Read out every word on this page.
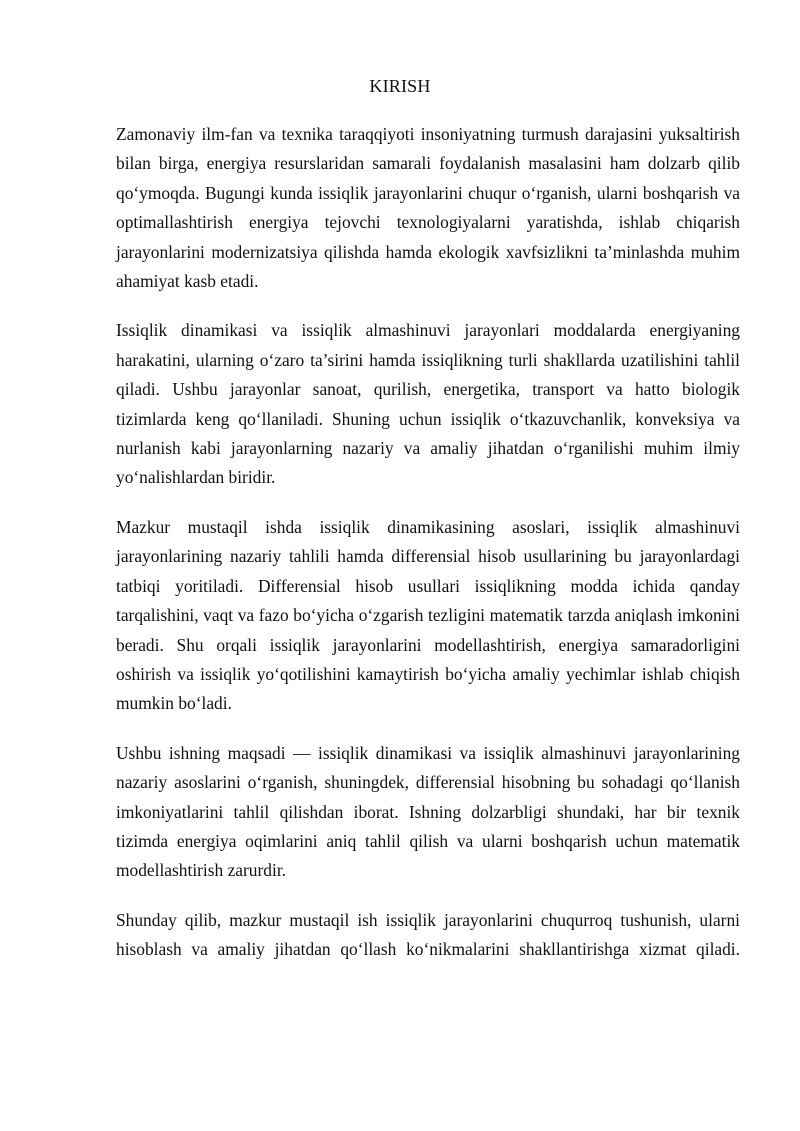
KIRISH

Zamonaviy ilm-fan va texnika taraqqiyoti insoniyatning turmush darajasini yuksaltirish bilan birga, energiya resurslaridan samarali foydalanish masalasini ham dolzarb qilib qo‘ymoqda. Bugungi kunda issiqlik jarayonlarini chuqur o‘rganish, ularni boshqarish va optimallashtirish energiya tejovchi texnologiyalarni yaratishda, ishlab chiqarish jarayonlarini modernizatsiya qilishda hamda ekologik xavfsizlikni ta’minlashda muhim ahamiyat kasb etadi.

Issiqlik dinamikasi va issiqlik almashinuvi jarayonlari moddalarda energiyaning harakatini, ularning o‘zaro ta’sirini hamda issiqlikning turli shakllarda uzatilishini tahlil qiladi. Ushbu jarayonlar sanoat, qurilish, energetika, transport va hatto biologik tizimlarda keng qo‘llaniladi. Shuning uchun issiqlik o‘tkazuvchanlik, konveksiya va nurlanish kabi jarayonlarning nazariy va amaliy jihatdan o‘rganilishi muhim ilmiy yo‘nalishlardan biridir.

Mazkur mustaqil ishda issiqlik dinamikasining asoslari, issiqlik almashinuvi jarayonlarining nazariy tahlili hamda differensial hisob usullarining bu jarayonlardagi tatbiqi yoritiladi. Differensial hisob usullari issiqlikning modda ichida qanday tarqalishini, vaqt va fazo bo‘yicha o‘zgarish tezligini matematik tarzda aniqlash imkonini beradi. Shu orqali issiqlik jarayonlarini modellashtirish, energiya samaradorligini oshirish va issiqlik yo‘qotilishini kamaytirish bo‘yicha amaliy yechimlar ishlab chiqish mumkin bo‘ladi.

Ushbu ishning maqsadi — issiqlik dinamikasi va issiqlik almashinuvi jarayonlarining nazariy asoslarini o‘rganish, shuningdek, differensial hisobning bu sohadagi qo‘llanish imkoniyatlarini tahlil qilishdan iborat. Ishning dolzarbligi shundaki, har bir texnik tizimda energiya oqimlarini aniq tahlil qilish va ularni boshqarish uchun matematik modellashtirish zarurdir.

Shunday qilib, mazkur mustaqil ish issiqlik jarayonlarini chuqurroq tushunish, ularni hisoblash va amaliy jihatdan qo‘llash ko‘nikmalarini shakllantirishga xizmat qiladi.
